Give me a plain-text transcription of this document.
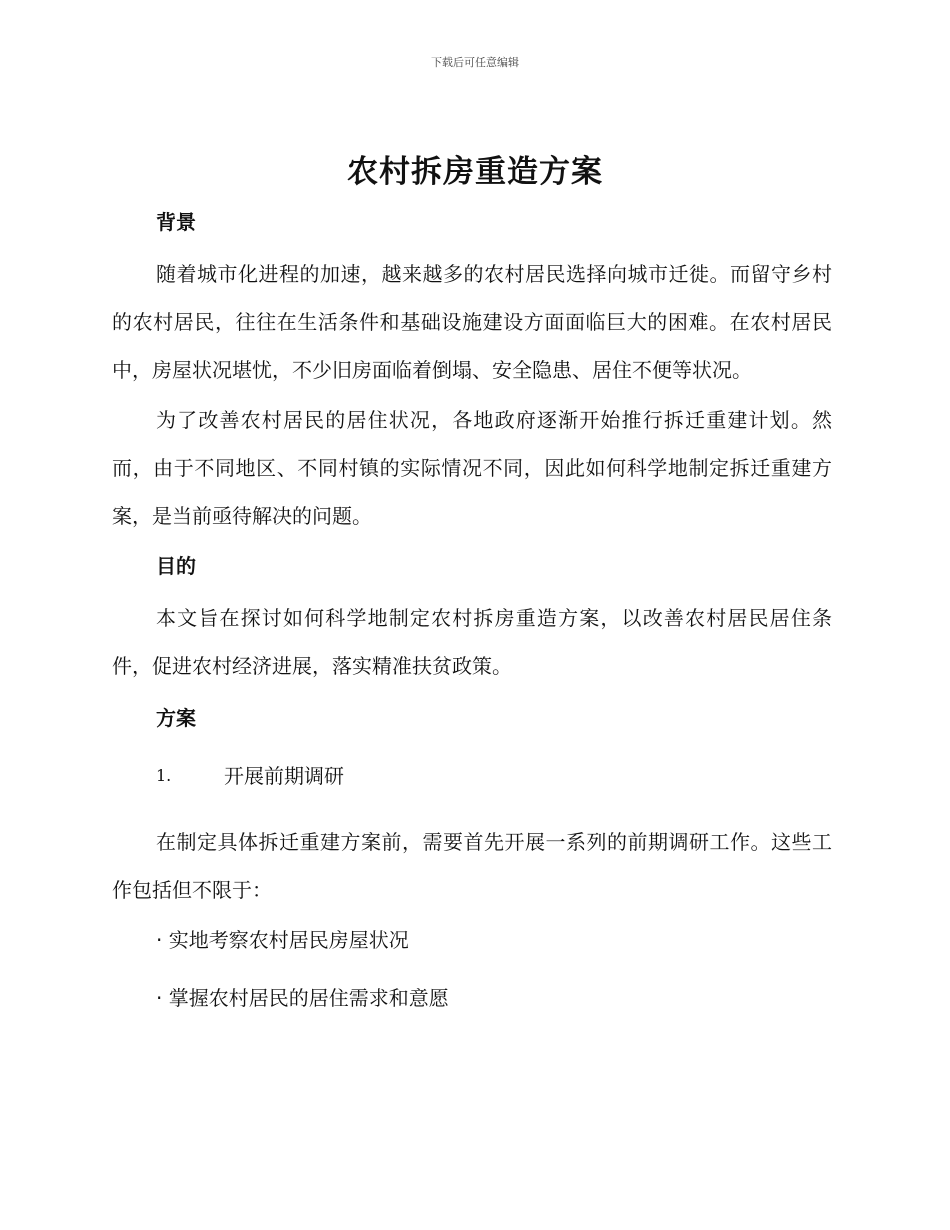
下载后可任意编辑
农村拆房重造方案

背景

随着城市化进程的加速，越来越多的农村居民选择向城市迁徙。而留守乡村的农村居民，往往在生活条件和基础设施建设方面面临巨大的困难。在农村居民中，房屋状况堪忧，不少旧房面临着倒塌、安全隐患、居住不便等状况。

为了改善农村居民的居住状况，各地政府逐渐开始推行拆迁重建计划。然而，由于不同地区、不同村镇的实际情况不同，因此如何科学地制定拆迁重建方案，是当前亟待解决的问题。

目的

本文旨在探讨如何科学地制定农村拆房重造方案，以改善农村居民居住条件，促进农村经济进展，落实精准扶贫政策。

方案

1.	开展前期调研

在制定具体拆迁重建方案前，需要首先开展一系列的前期调研工作。这些工作包括但不限于：

· 实地考察农村居民房屋状况

· 掌握农村居民的居住需求和意愿
